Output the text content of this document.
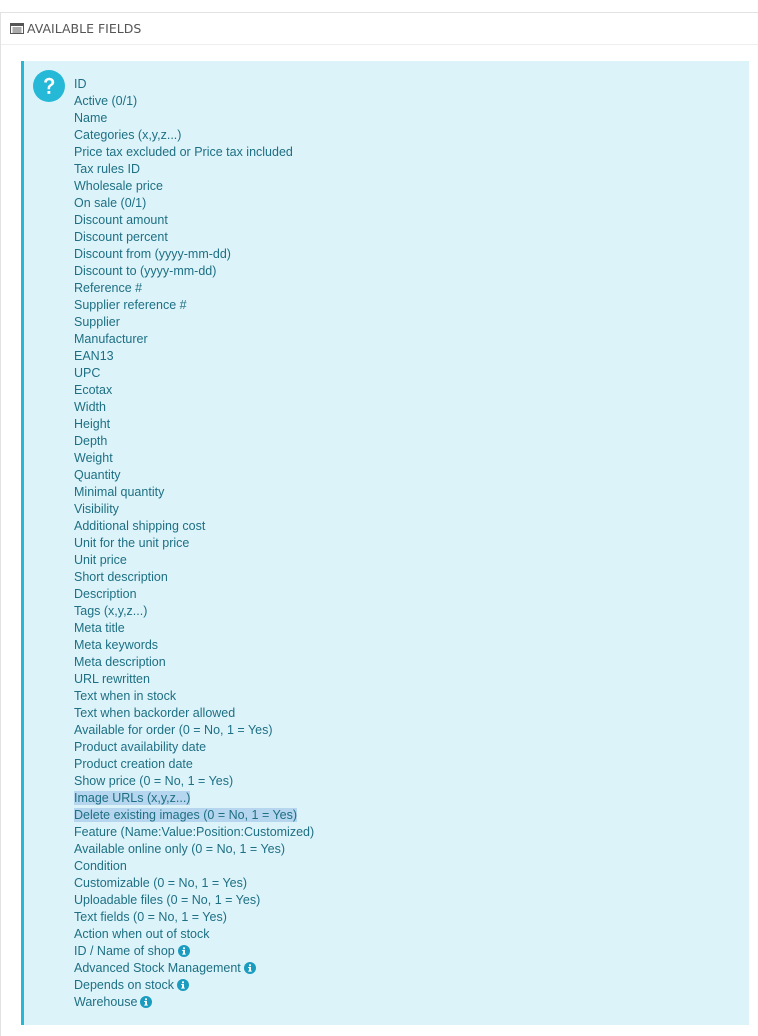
AVAILABLE FIELDS
ID
Active (0/1)
Name
Categories (x,y,z...)
Price tax excluded or Price tax included
Tax rules ID
Wholesale price
On sale (0/1)
Discount amount
Discount percent
Discount from (yyyy-mm-dd)
Discount to (yyyy-mm-dd)
Reference #
Supplier reference #
Supplier
Manufacturer
EAN13
UPC
Ecotax
Width
Height
Depth
Weight
Quantity
Minimal quantity
Visibility
Additional shipping cost
Unit for the unit price
Unit price
Short description
Description
Tags (x,y,z...)
Meta title
Meta keywords
Meta description
URL rewritten
Text when in stock
Text when backorder allowed
Available for order (0 = No, 1 = Yes)
Product availability date
Product creation date
Show price (0 = No, 1 = Yes)
Image URLs (x,y,z...)
Delete existing images (0 = No, 1 = Yes)
Feature (Name:Value:Position:Customized)
Available online only (0 = No, 1 = Yes)
Condition
Customizable (0 = No, 1 = Yes)
Uploadable files (0 = No, 1 = Yes)
Text fields (0 = No, 1 = Yes)
Action when out of stock
ID / Name of shop
Advanced Stock Management
Depends on stock
Warehouse
